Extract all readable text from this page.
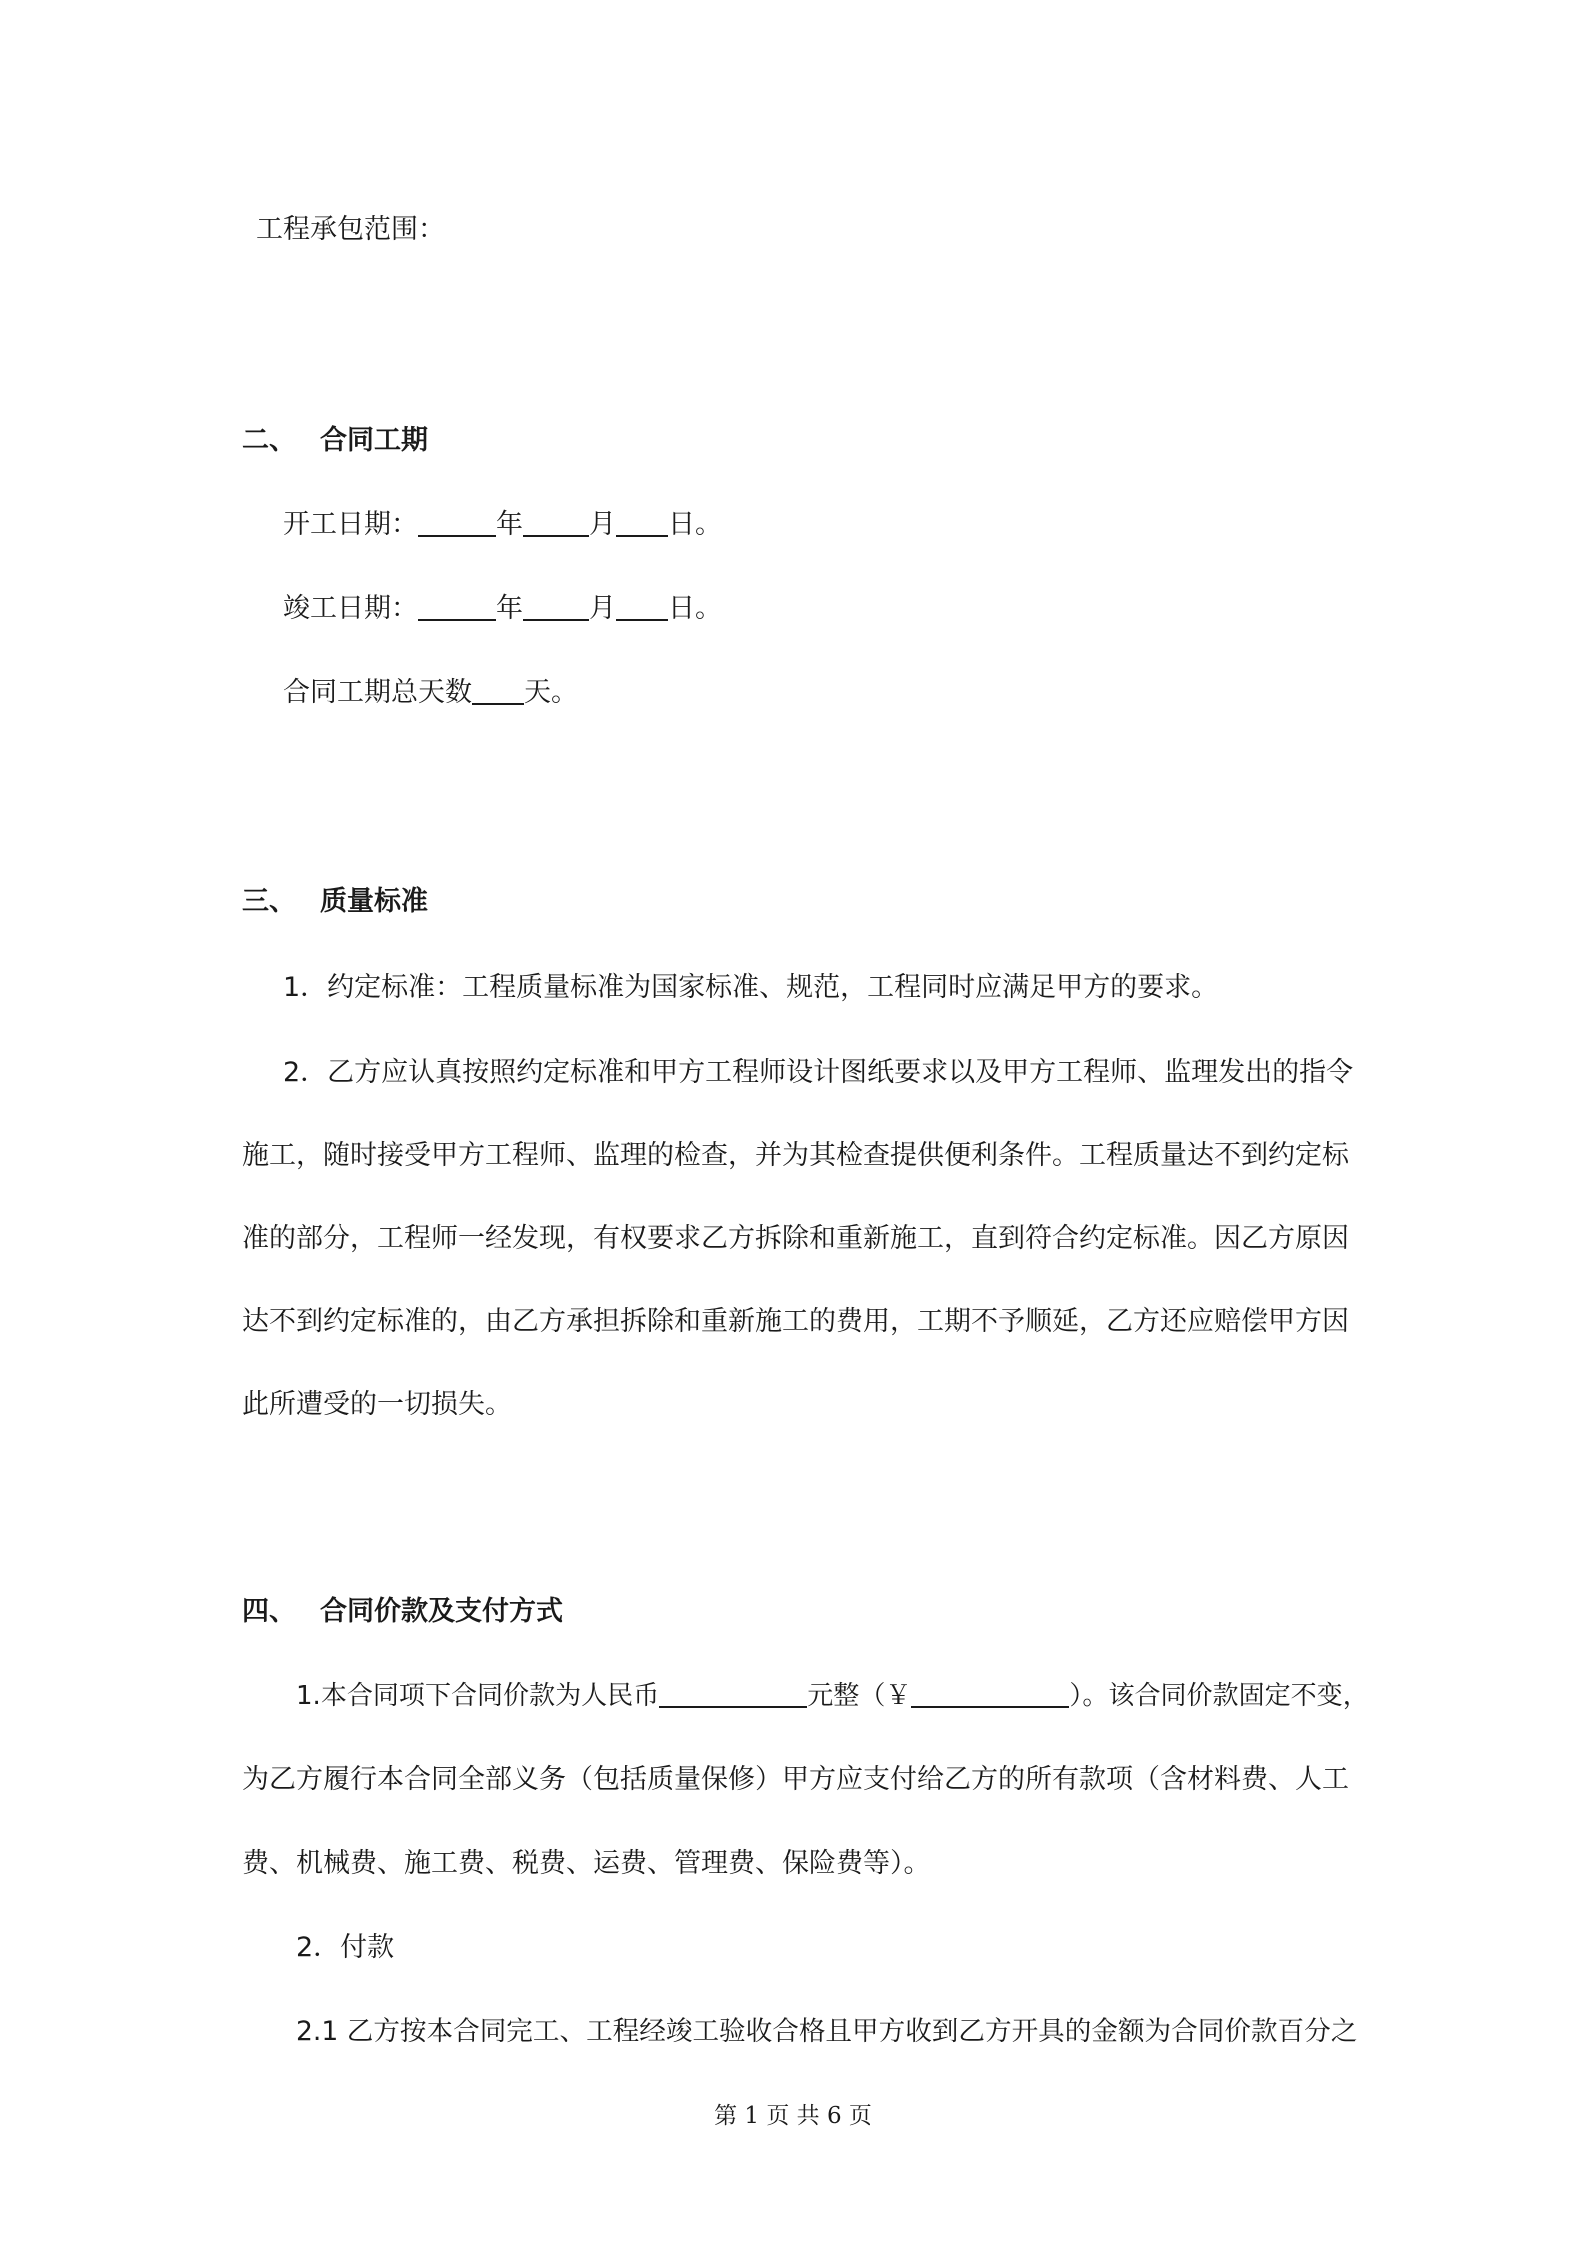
工程承包范围：
二、 合同工期
开工日期：	年 月 日。
竣工日期：	年 月 日。
合同工期总天数 天。
三、 质量标准
1．约定标准：工程质量标准为国家标准、规范，工程同时应满足甲方的要求。
2．乙方应认真按照约定标准和甲方工程师设计图纸要求以及甲方工程师、监理发出的指令
施工，随时接受甲方工程师、监理的检查，并为其检查提供便利条件。工程质量达不到约定标
准的部分，工程师一经发现，有权要求乙方拆除和重新施工，直到符合约定标准。因乙方原因
达不到约定标准的，由乙方承担拆除和重新施工的费用，工期不予顺延，乙方还应赔偿甲方因
此所遭受的一切损失。
四、 合同价款及支付方式
1.本合同项下合同价款为人民币	元整（￥	）。该合同价款固定不变，
为乙方履行本合同全部义务（包括质量保修）甲方应支付给乙方的所有款项（含材料费、人工
费、机械费、施工费、税费、运费、管理费、保险费等）。
2．付款
2.1 乙方按本合同完工、工程经竣工验收合格且甲方收到乙方开具的金额为合同价款百分之
第 1 页 共 6 页
